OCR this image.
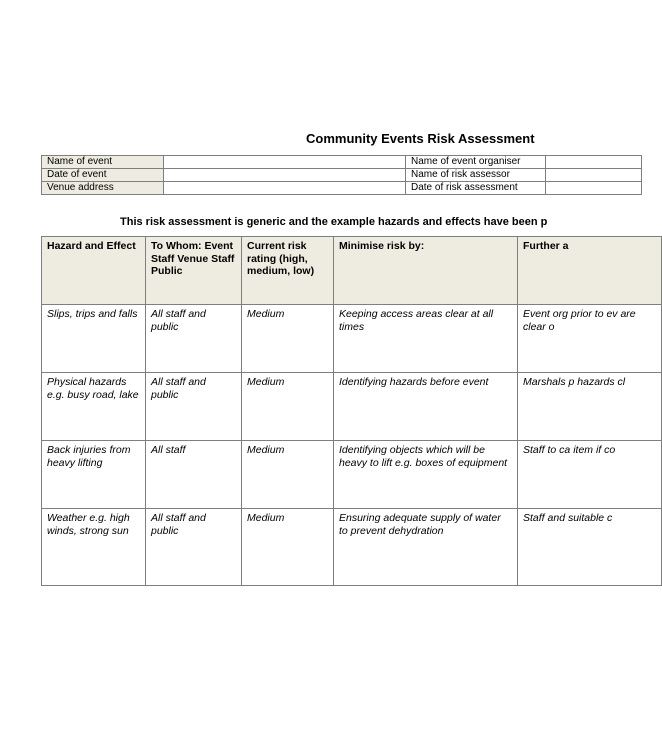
Community Events Risk Assessment
Name of event		Name of event organiser	
Date of event		Name of risk assessor	
Venue address		Date of risk assessment	
This risk assessment is generic and the example hazards and effects have been p
Hazard and Effect	To Whom: Event Staff Venue Staff Public	Current risk rating (high, medium, low)	Minimise risk by:	Further a
Slips, trips and falls	All staff and public	Medium	Keeping access areas clear at all times	Event org prior to ev are clear o
Physical hazards e.g. busy road, lake	All staff and public	Medium	Identifying hazards before event	Marshals p hazards cl
Back injuries from heavy lifting	All staff	Medium	Identifying objects which will be heavy to lift e.g. boxes of equipment	Staff to ca item if co
Weather e.g. high winds, strong sun	All staff and public	Medium	Ensuring adequate supply of water to prevent dehydration	Staff and suitable c
